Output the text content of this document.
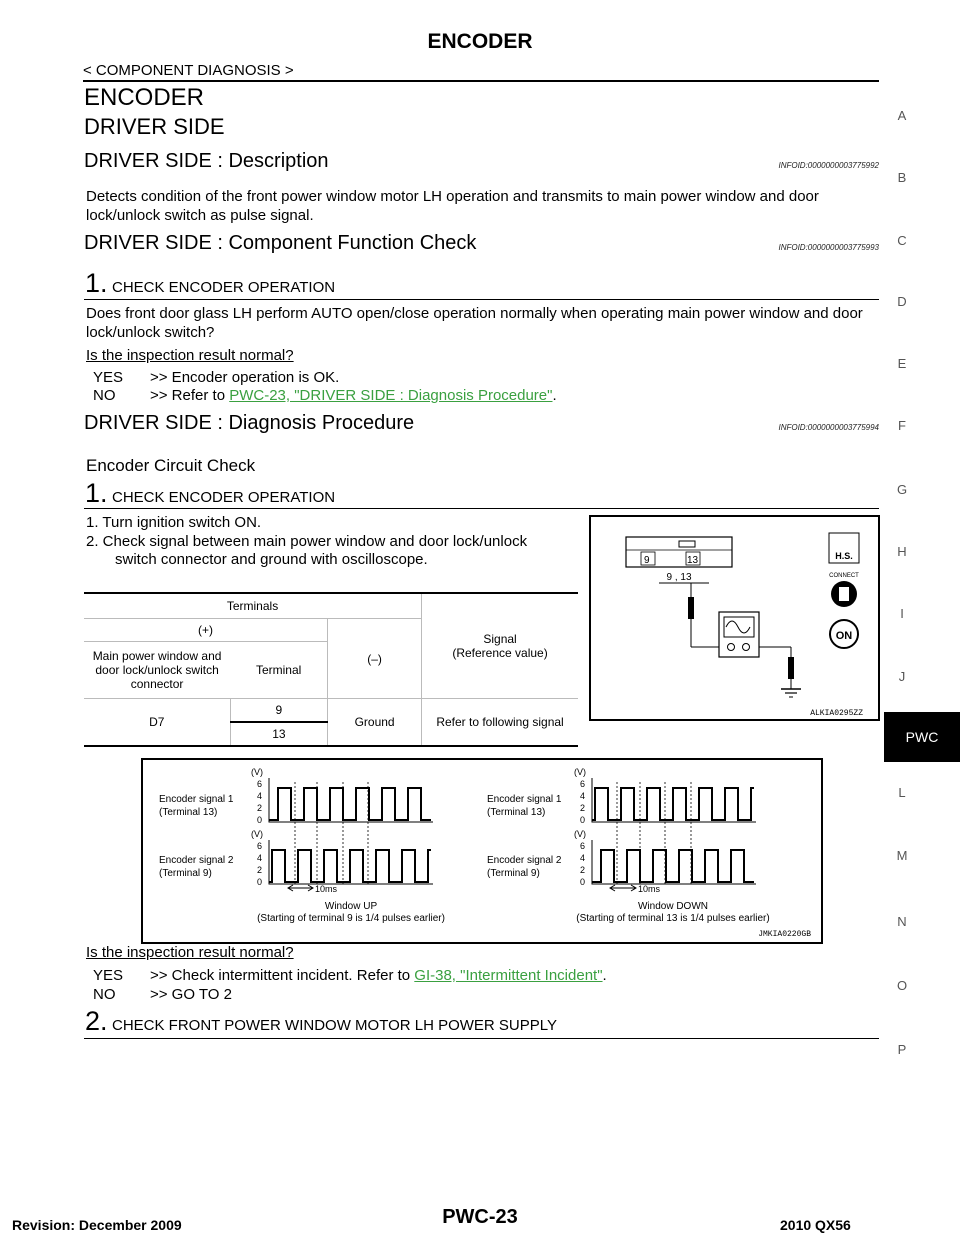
ENCODER
< COMPONENT DIAGNOSIS >
ENCODER
DRIVER SIDE
DRIVER SIDE : Description	INFOID:0000000003775992
Detects condition of the front power window motor LH operation and transmits to main power window and door lock/unlock switch as pulse signal.
DRIVER SIDE : Component Function Check	INFOID:0000000003775993
1. CHECK ENCODER OPERATION
Does front door glass LH perform AUTO open/close operation normally when operating main power window and door lock/unlock switch?
Is the inspection result normal?
YES >> Encoder operation is OK.
NO >> Refer to PWC-23, "DRIVER SIDE : Diagnosis Procedure".
DRIVER SIDE : Diagnosis Procedure	INFOID:0000000003775994
Encoder Circuit Check
1. CHECK ENCODER OPERATION
1. Turn ignition switch ON.
2. Check signal between main power window and door lock/unlock
switch connector and ground with oscilloscope.
Terminals			Signal
(Reference value)
(+)		(–)	
Main power window and door lock/unlock switch connector	Terminal		
D7	9	Ground	Refer to following signal
	13		
9	13
9 , 13
H.S.
CONNECT
ON
ALKIA0295ZZ
Encoder signal 1
(Terminal 13)
Encoder signal 2
(Terminal 9)
(V)
6
4
2
0
(V)
6
4
2
0
10ms
Window UP
(Starting of terminal 9 is 1/4 pulses earlier)
Encoder signal 1
(Terminal 13)
Encoder signal 2
(Terminal 9)
(V)
6
4
2
0
(V)
6
4
2
0
10ms
Window DOWN
(Starting of terminal 13 is 1/4 pulses earlier)
JMKIA0220GB
Is the inspection result normal?
YES >> Check intermittent incident. Refer to GI-38, "Intermittent Incident".
NO >> GO TO 2
2. CHECK FRONT POWER WINDOW MOTOR LH POWER SUPPLY
A
B
C
D
E
F
G
H
I
J
PWC
L
M
N
O
P
Revision: December 2009	PWC-23	2010 QX56
